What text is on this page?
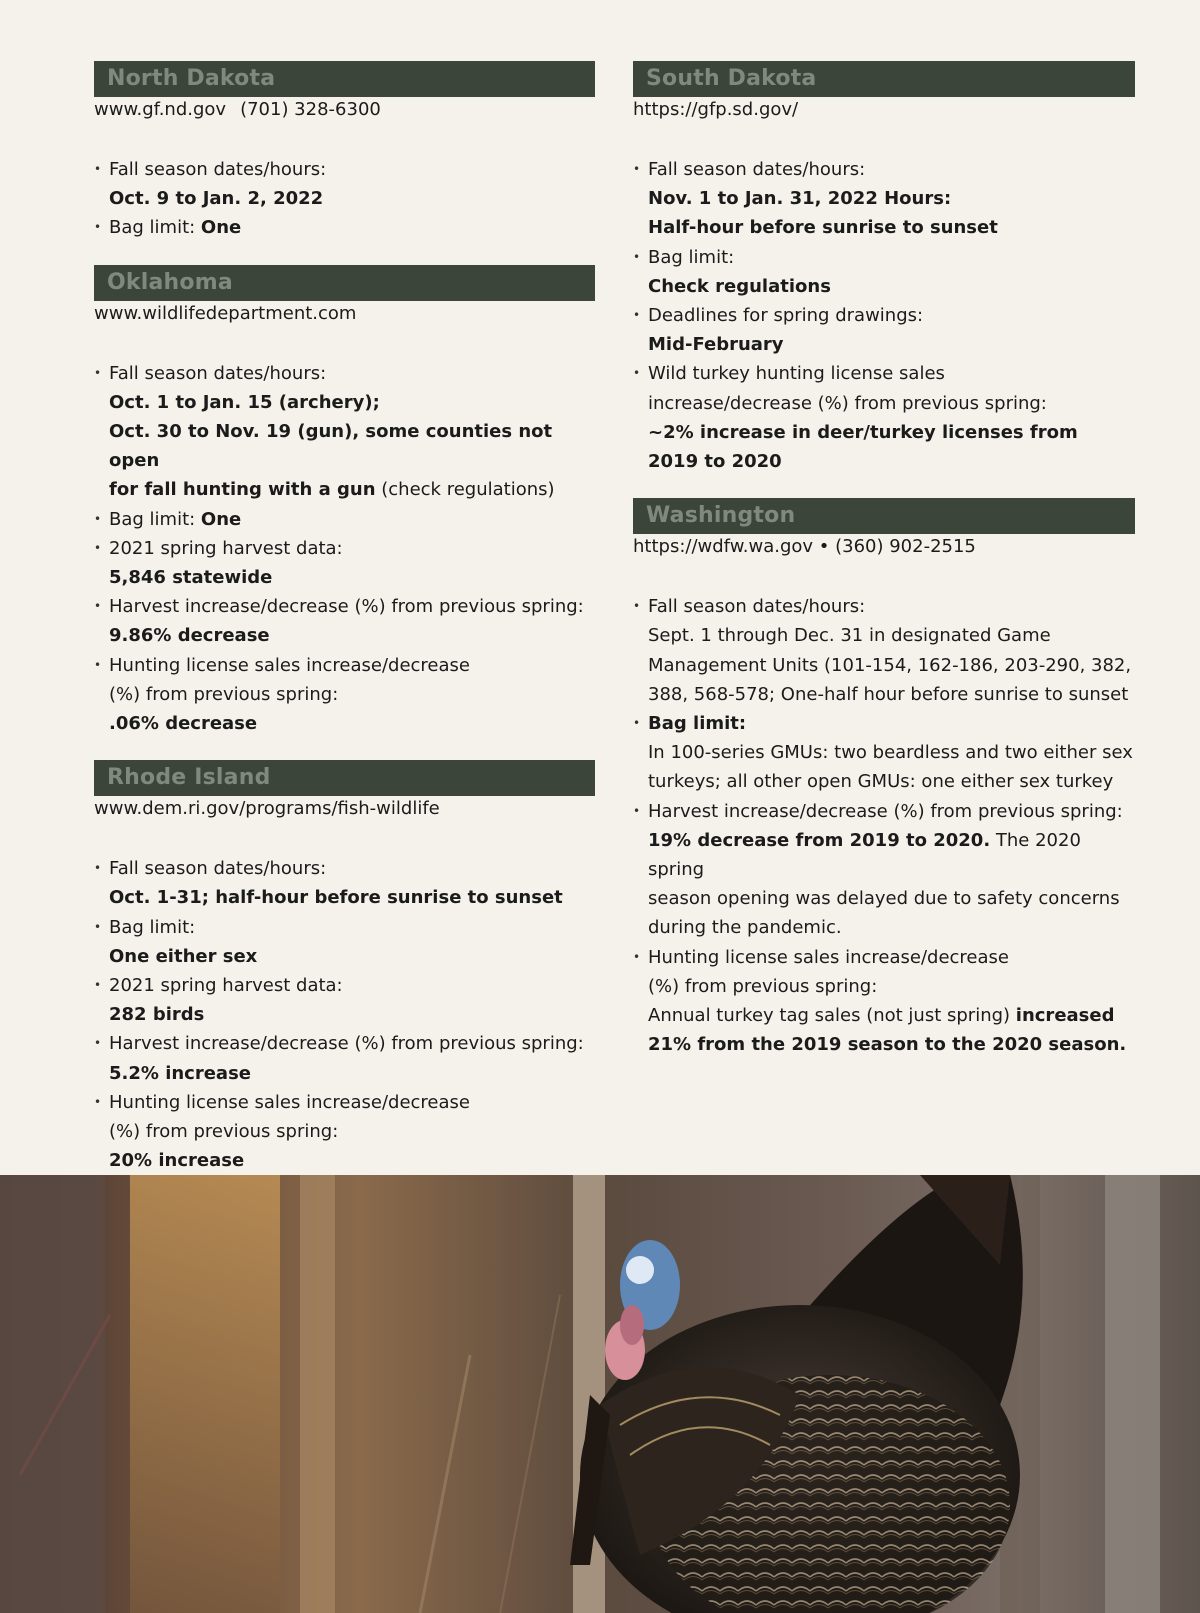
North Dakota
www.gf.nd.gov (701) 328-6300
• Fall season dates/hours:
Oct. 9 to Jan. 2, 2022
• Bag limit: One
Oklahoma
www.wildlifedepartment.com
• Fall season dates/hours:
Oct. 1 to Jan. 15 (archery);
Oct. 30 to Nov. 19 (gun), some counties not open
for fall hunting with a gun (check regulations)
• Bag limit: One
• 2021 spring harvest data:
5,846 statewide
• Harvest increase/decrease (%) from previous spring:
9.86% decrease
• Hunting license sales increase/decrease
(%) from previous spring:
.06% decrease
Rhode Island
www.dem.ri.gov/programs/fish-wildlife
• Fall season dates/hours:
Oct. 1-31; half-hour before sunrise to sunset
• Bag limit:
One either sex
• 2021 spring harvest data:
282 birds
• Harvest increase/decrease (%) from previous spring:
5.2% increase
• Hunting license sales increase/decrease
(%) from previous spring:
20% increase
South Dakota
https://gfp.sd.gov/
• Fall season dates/hours:
Nov. 1 to Jan. 31, 2022 Hours:
Half-hour before sunrise to sunset
• Bag limit:
Check regulations
• Deadlines for spring drawings:
Mid-February
• Wild turkey hunting license sales
increase/decrease (%) from previous spring:
~2% increase in deer/turkey licenses from
2019 to 2020
Washington
https://wdfw.wa.gov • (360) 902-2515
• Fall season dates/hours:
Sept. 1 through Dec. 31 in designated Game
Management Units (101-154, 162-186, 203-290, 382,
388, 568-578; One-half hour before sunrise to sunset
• Bag limit:
In 100-series GMUs: two beardless and two either sex
turkeys; all other open GMUs: one either sex turkey
• Harvest increase/decrease (%) from previous spring:
19% decrease from 2019 to 2020. The 2020 spring
season opening was delayed due to safety concerns
during the pandemic.
• Hunting license sales increase/decrease
(%) from previous spring:
Annual turkey tag sales (not just spring) increased
21% from the 2019 season to the 2020 season.
